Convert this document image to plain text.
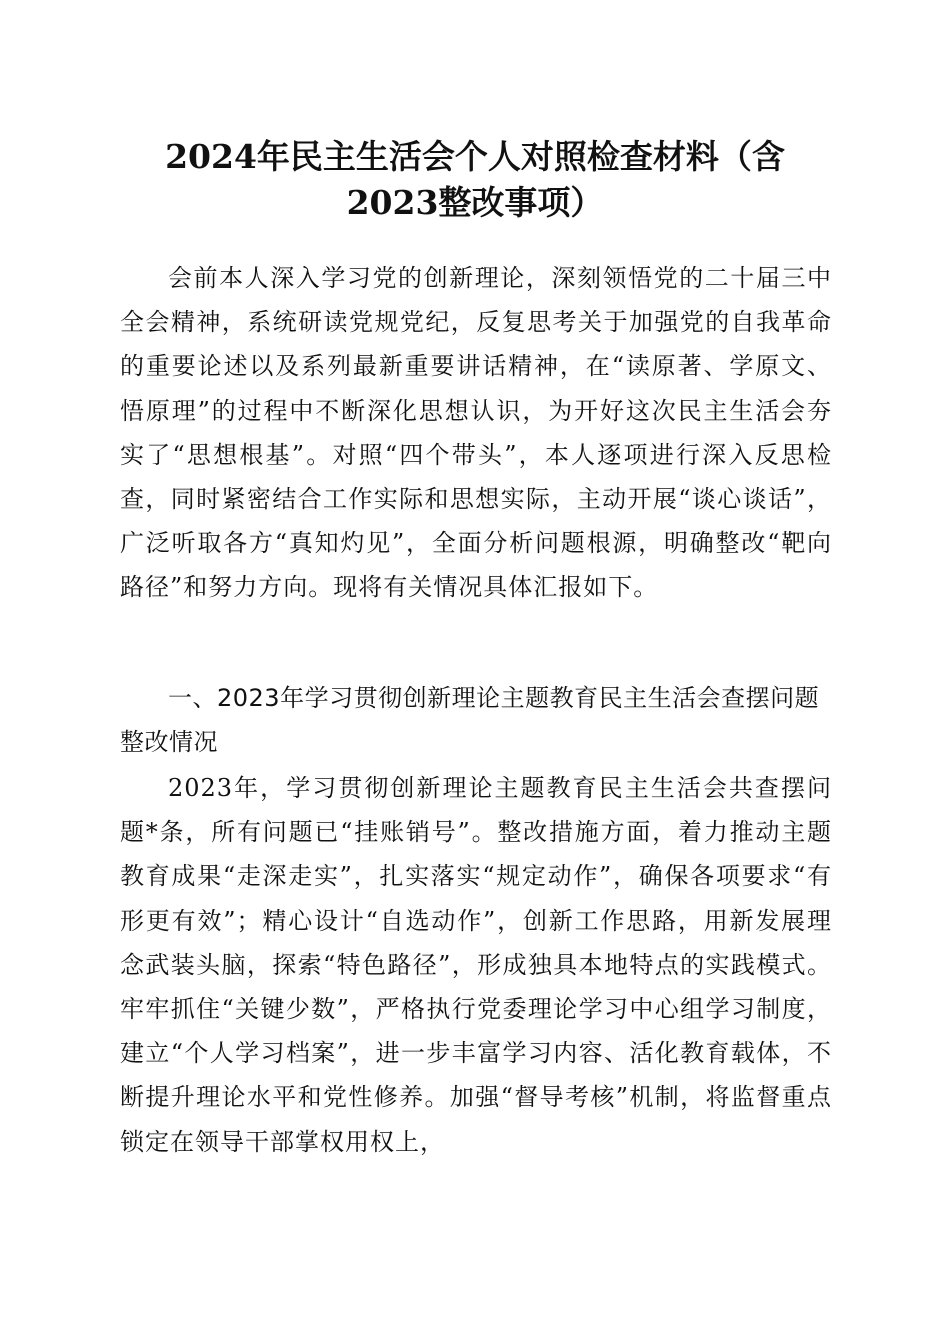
2024年民主生活会个人对照检查材料（含
2023整改事项）

会前本人深入学习党的创新理论，深刻领悟党的二十届三中全会精神，系统研读党规党纪，反复思考关于加强党的自我革命的重要论述以及系列最新重要讲话精神，在“读原著、学原文、悟原理”的过程中不断深化思想认识，为开好这次民主生活会夯实了“思想根基”。对照“四个带头”，本人逐项进行深入反思检查，同时紧密结合工作实际和思想实际，主动开展“谈心谈话”，广泛听取各方“真知灼见”，全面分析问题根源，明确整改“靶向路径”和努力方向。现将有关情况具体汇报如下。

一、2023年学习贯彻创新理论主题教育民主生活会查摆问题整改情况

2023年，学习贯彻创新理论主题教育民主生活会共查摆问题*条，所有问题已“挂账销号”。整改措施方面，着力推动主题教育成果“走深走实”，扎实落实“规定动作”，确保各项要求“有形更有效”；精心设计“自选动作”，创新工作思路，用新发展理念武装头脑，探索“特色路径”，形成独具本地特点的实践模式。牢牢抓住“关键少数”，严格执行党委理论学习中心组学习制度，建立“个人学习档案”，进一步丰富学习内容、活化教育载体，不断提升理论水平和党性修养。加强“督导考核”机制，将监督重点锁定在领导干部掌权用权上，
